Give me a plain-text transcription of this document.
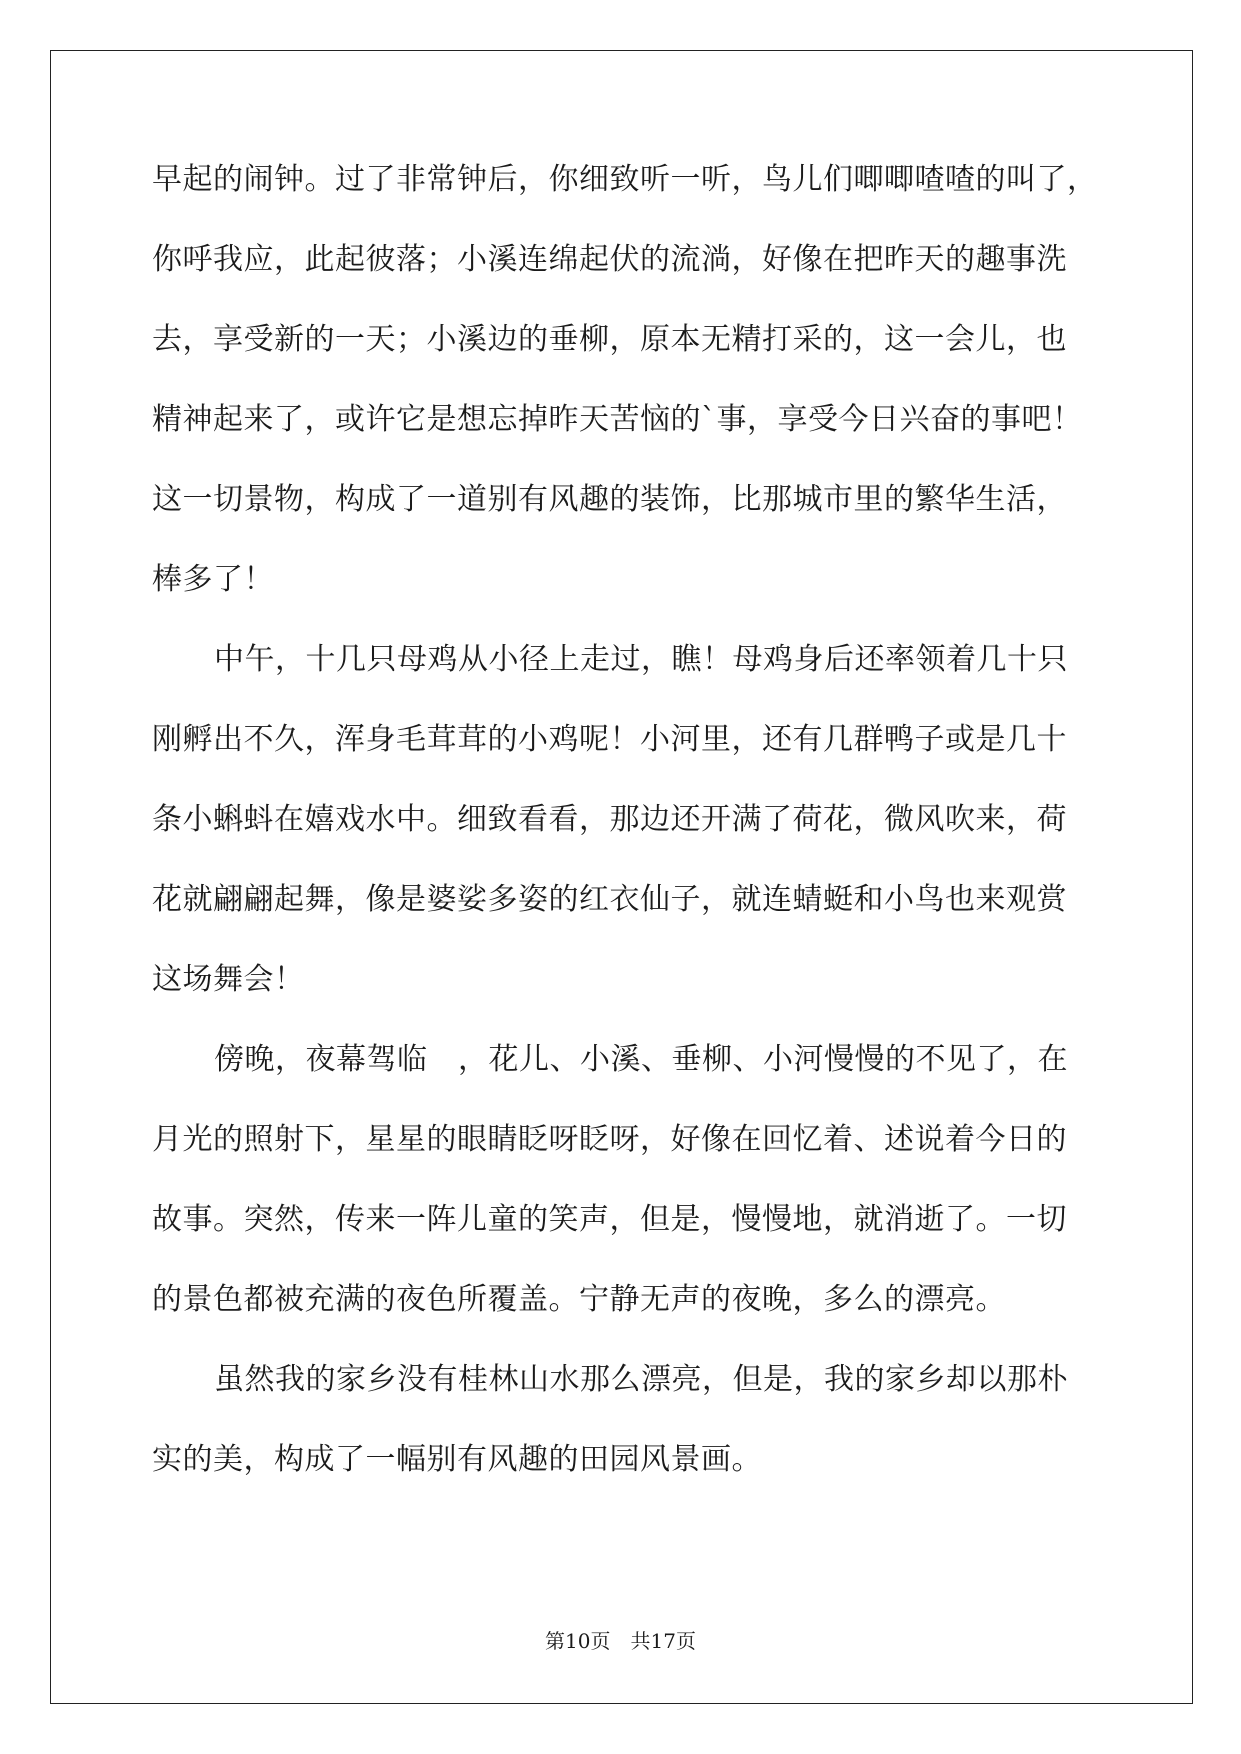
早起的闹钟。过了非常钟后，你细致听一听，鸟儿们唧唧喳喳的叫了，
你呼我应，此起彼落；小溪连绵起伏的流淌，好像在把昨天的趣事洗
去，享受新的一天；小溪边的垂柳，原本无精打采的，这一会儿，也
精神起来了，或许它是想忘掉昨天苦恼的`事，享受今日兴奋的事吧！
这一切景物，构成了一道别有风趣的装饰，比那城市里的繁华生活，
棒多了！
中午，十几只母鸡从小径上走过，瞧！母鸡身后还率领着几十只
刚孵出不久，浑身毛茸茸的小鸡呢！小河里，还有几群鸭子或是几十
条小蝌蚪在嬉戏水中。细致看看，那边还开满了荷花，微风吹来，荷
花就翩翩起舞，像是婆娑多姿的红衣仙子，就连蜻蜓和小鸟也来观赏
这场舞会！
傍晚，夜幕驾临　，花儿、小溪、垂柳、小河慢慢的不见了，在
月光的照射下，星星的眼睛眨呀眨呀，好像在回忆着、述说着今日的
故事。突然，传来一阵儿童的笑声，但是，慢慢地，就消逝了。一切
的景色都被充满的夜色所覆盖。宁静无声的夜晚，多么的漂亮。
虽然我的家乡没有桂林山水那么漂亮，但是，我的家乡却以那朴
实的美，构成了一幅别有风趣的田园风景画。
第10页　共17页
